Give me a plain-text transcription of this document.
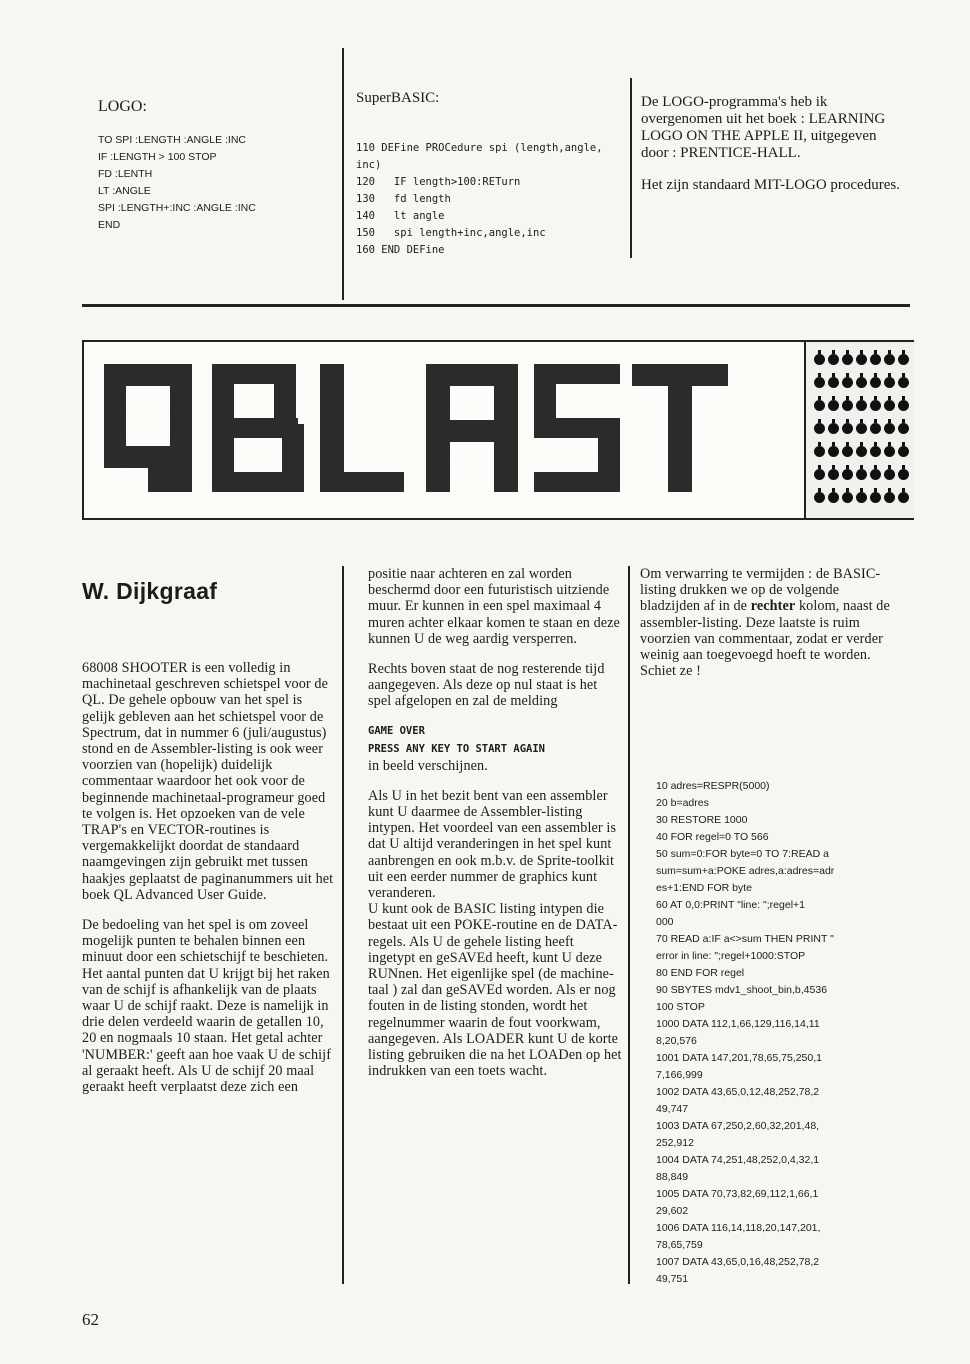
LOGO:
TO SPI :LENGTH :ANGLE :INC
IF :LENGTH > 100 STOP
FD :LENTH
LT :ANGLE
SPI :LENGTH+:INC :ANGLE :INC
END
SuperBASIC:
110 DEFine PROCedure spi (length,angle,
inc)
120   IF length>100:RETurn
130   fd length
140   lt angle
150   spi length+inc,angle,inc
160 END DEFine
De LOGO-programma's heb ik overgenomen uit het boek : LEARNING LOGO ON THE APPLE II, uitgegeven door : PRENTICE-HALL.
Het zijn standaard MIT-LOGO procedures.
W. Dijkgraaf

68008 SHOOTER is een volledig in machinetaal geschreven schietspel voor de QL. De gehele opbouw van het spel is gelijk gebleven aan het schietspel voor de Spectrum, dat in nummer 6 (juli/augustus) stond en de Assembler-listing is ook weer voorzien van (hopelijk) duidelijk commentaar waardoor het ook voor de beginnende machinetaal-programeur goed te volgen is. Het opzoeken van de vele TRAP's en VECTOR-routines is vergemakkelijkt doordat de standaard naamgevingen zijn gebruikt met tussen haakjes geplaatst de paginanummers uit het boek QL Advanced User Guide.

De bedoeling van het spel is om zoveel mogelijk punten te behalen binnen een minuut door een schietschijf te beschieten. Het aantal punten dat U krijgt bij het raken van de schijf is afhankelijk van de plaats waar U de schijf raakt. Deze is namelijk in drie delen verdeeld waarin de getallen 10, 20 en nogmaals 10 staan. Het getal achter 'NUMBER:' geeft aan hoe vaak U de schijf al geraakt heeft. Als U de schijf 20 maal geraakt heeft verplaatst deze zich een

positie naar achteren en zal worden beschermd door een futuristisch uitziende muur. Er kunnen in een spel maximaal 4 muren achter elkaar komen te staan en deze kunnen U de weg aardig versperren.

Rechts boven staat de nog resterende tijd aangegeven. Als deze op nul staat is het spel afgelopen en zal de melding

GAME OVER
PRESS ANY KEY TO START AGAIN

in beeld verschijnen.

Als U in het bezit bent van een assembler kunt U daarmee de Assembler-listing intypen. Het voordeel van een assembler is dat U altijd veranderingen in het spel kunt aanbrengen en ook m.b.v. de Sprite-toolkit uit een eerder nummer de graphics kunt veranderen.

U kunt ook de BASIC listing intypen die bestaat uit een POKE-routine en de DATA-regels. Als U de gehele listing heeft ingetypt en geSAVEd heeft, kunt U deze RUNnen. Het eigenlijke spel (de machine-taal ) zal dan geSAVEd worden. Als er nog fouten in de listing stonden, wordt het regelnummer waarin de fout voorkwam, aangegeven. Als LOADER kunt U de korte listing gebruiken die na het LOADen op het indrukken van een toets wacht.

Om verwarring te vermijden : de BASIC-listing drukken we op de volgende bladzijden af in de rechter kolom, naast de assembler-listing. Deze laatste is ruim voorzien van commentaar, zodat er verder weinig aan toegevoegd hoeft te worden. Schiet ze !

10 adres=RESPR(5000)
20 b=adres
30 RESTORE 1000
40 FOR regel=0 TO 566
50 sum=0:FOR byte=0 TO 7:READ a
sum=sum+a:POKE adres,a:adres=adr
es+1:END FOR byte
60 AT 0,0:PRINT "line: ";regel+1
000
70 READ a:IF a<>sum THEN PRINT "
error in line: ";regel+1000:STOP
80 END FOR regel
90 SBYTES mdv1_shoot_bin,b,4536
100 STOP
1000 DATA 112,1,66,129,116,14,11
8,20,576
1001 DATA 147,201,78,65,75,250,1
7,166,999
1002 DATA 43,65,0,12,48,252,78,2
49,747
1003 DATA 67,250,2,60,32,201,48,
252,912
1004 DATA 74,251,48,252,0,4,32,1
88,849
1005 DATA 70,73,82,69,112,1,66,1
29,602
1006 DATA 116,14,118,20,147,201,
78,65,759
1007 DATA 43,65,0,16,48,252,78,2
49,751
62
